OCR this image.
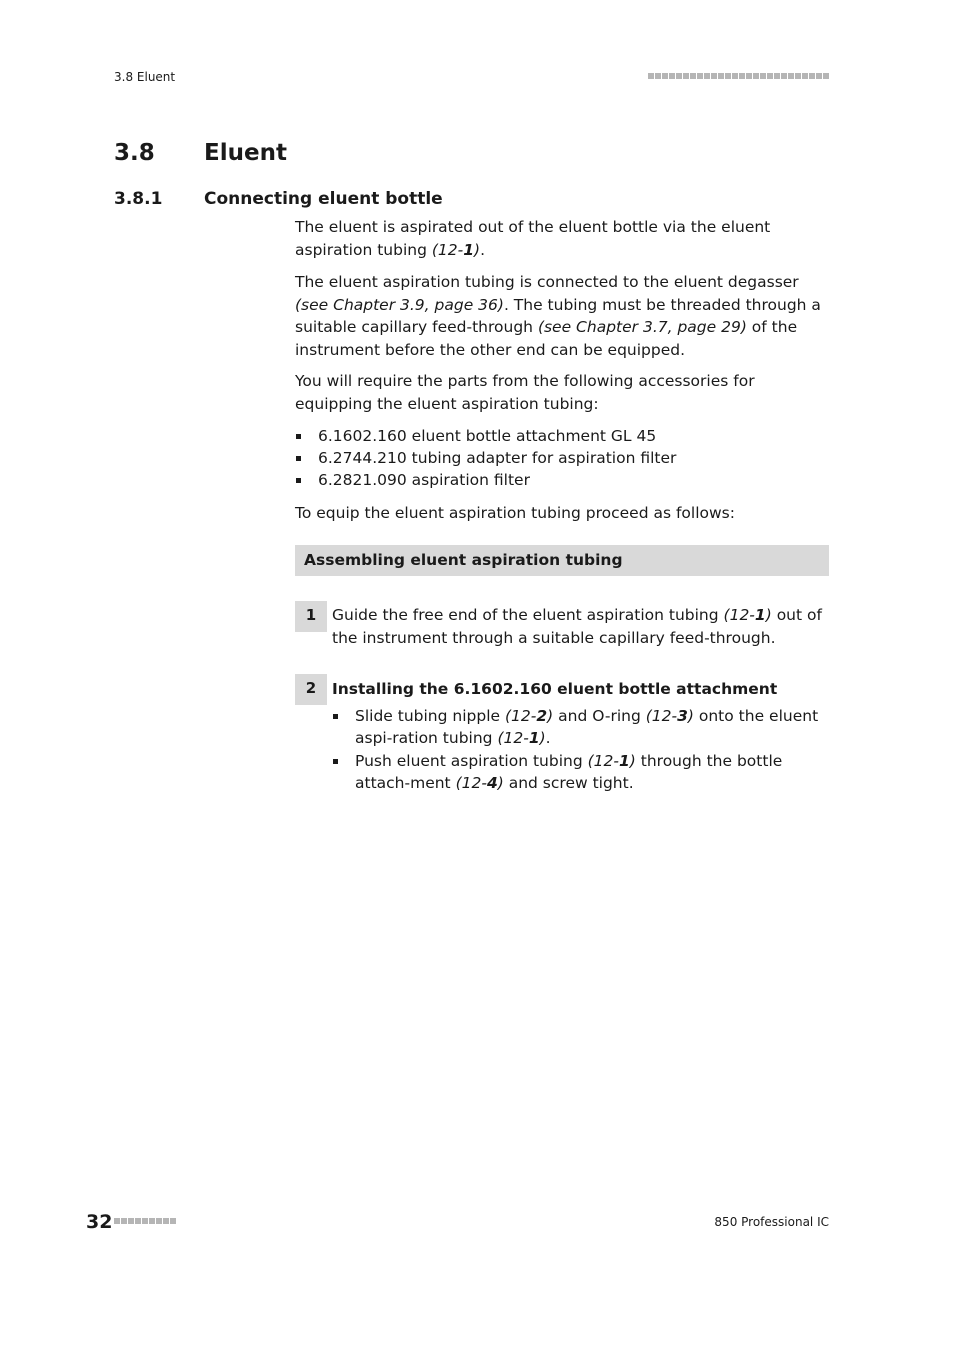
3.8 Eluent
3.8 Eluent
3.8.1 Connecting eluent bottle

The eluent is aspirated out of the eluent bottle via the eluent aspiration tubing (12-1).

The eluent aspiration tubing is connected to the eluent degasser (see Chapter 3.9, page 36). The tubing must be threaded through a suitable capillary feed-through (see Chapter 3.7, page 29) of the instrument before the other end can be equipped.

You will require the parts from the following accessories for equipping the eluent aspiration tubing:
6.1602.160 eluent bottle attachment GL 45
6.2744.210 tubing adapter for aspiration filter
6.2821.090 aspiration filter
To equip the eluent aspiration tubing proceed as follows:
Assembling eluent aspiration tubing
1	Guide the free end of the eluent aspiration tubing (12-1) out of the instrument through a suitable capillary feed-through.
2	Installing the 6.1602.160 eluent bottle attachment
Slide tubing nipple (12-2) and O-ring (12-3) onto the eluent aspi-ration tubing (12-1).
Push eluent aspiration tubing (12-1) through the bottle attach-ment (12-4) and screw tight.
32	850 Professional IC
